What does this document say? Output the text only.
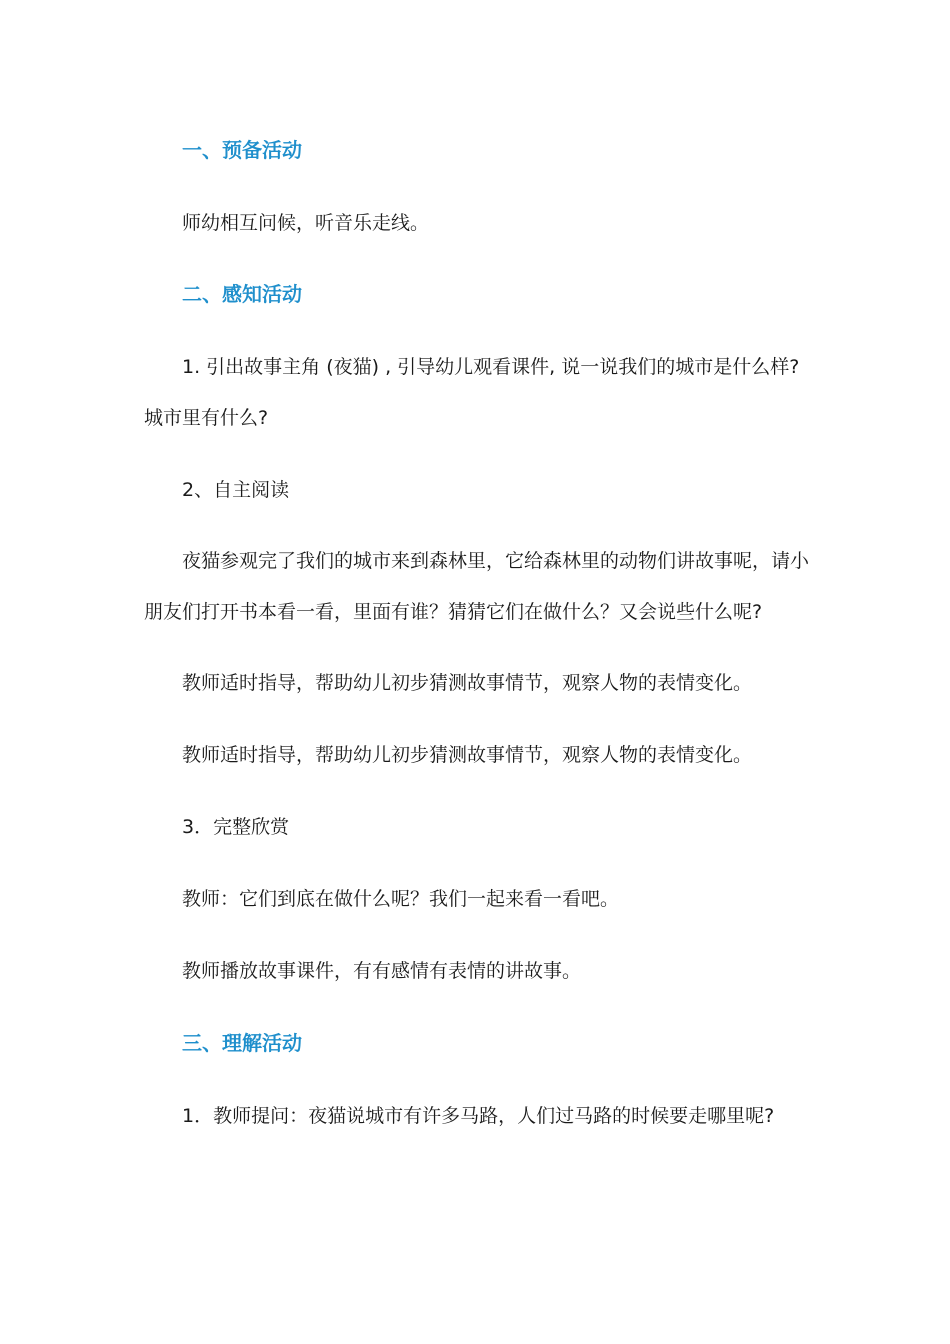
一、预备活动
师幼相互问候，听音乐走线。
二、感知活动
1. 引出故事主角 (夜猫) , 引导幼儿观看课件, 说一说我们的城市是什么样?
城市里有什么?
2、自主阅读
夜猫参观完了我们的城市来到森林里，它给森林里的动物们讲故事呢，请小
朋友们打开书本看一看，里面有谁？猜猜它们在做什么？又会说些什么呢?
教师适时指导，帮助幼儿初步猜测故事情节，观察人物的表情变化。
教师适时指导，帮助幼儿初步猜测故事情节，观察人物的表情变化。
3．完整欣赏
教师：它们到底在做什么呢？我们一起来看一看吧。
教师播放故事课件，有有感情有表情的讲故事。
三、理解活动
1．教师提问：夜猫说城市有许多马路，人们过马路的时候要走哪里呢?
